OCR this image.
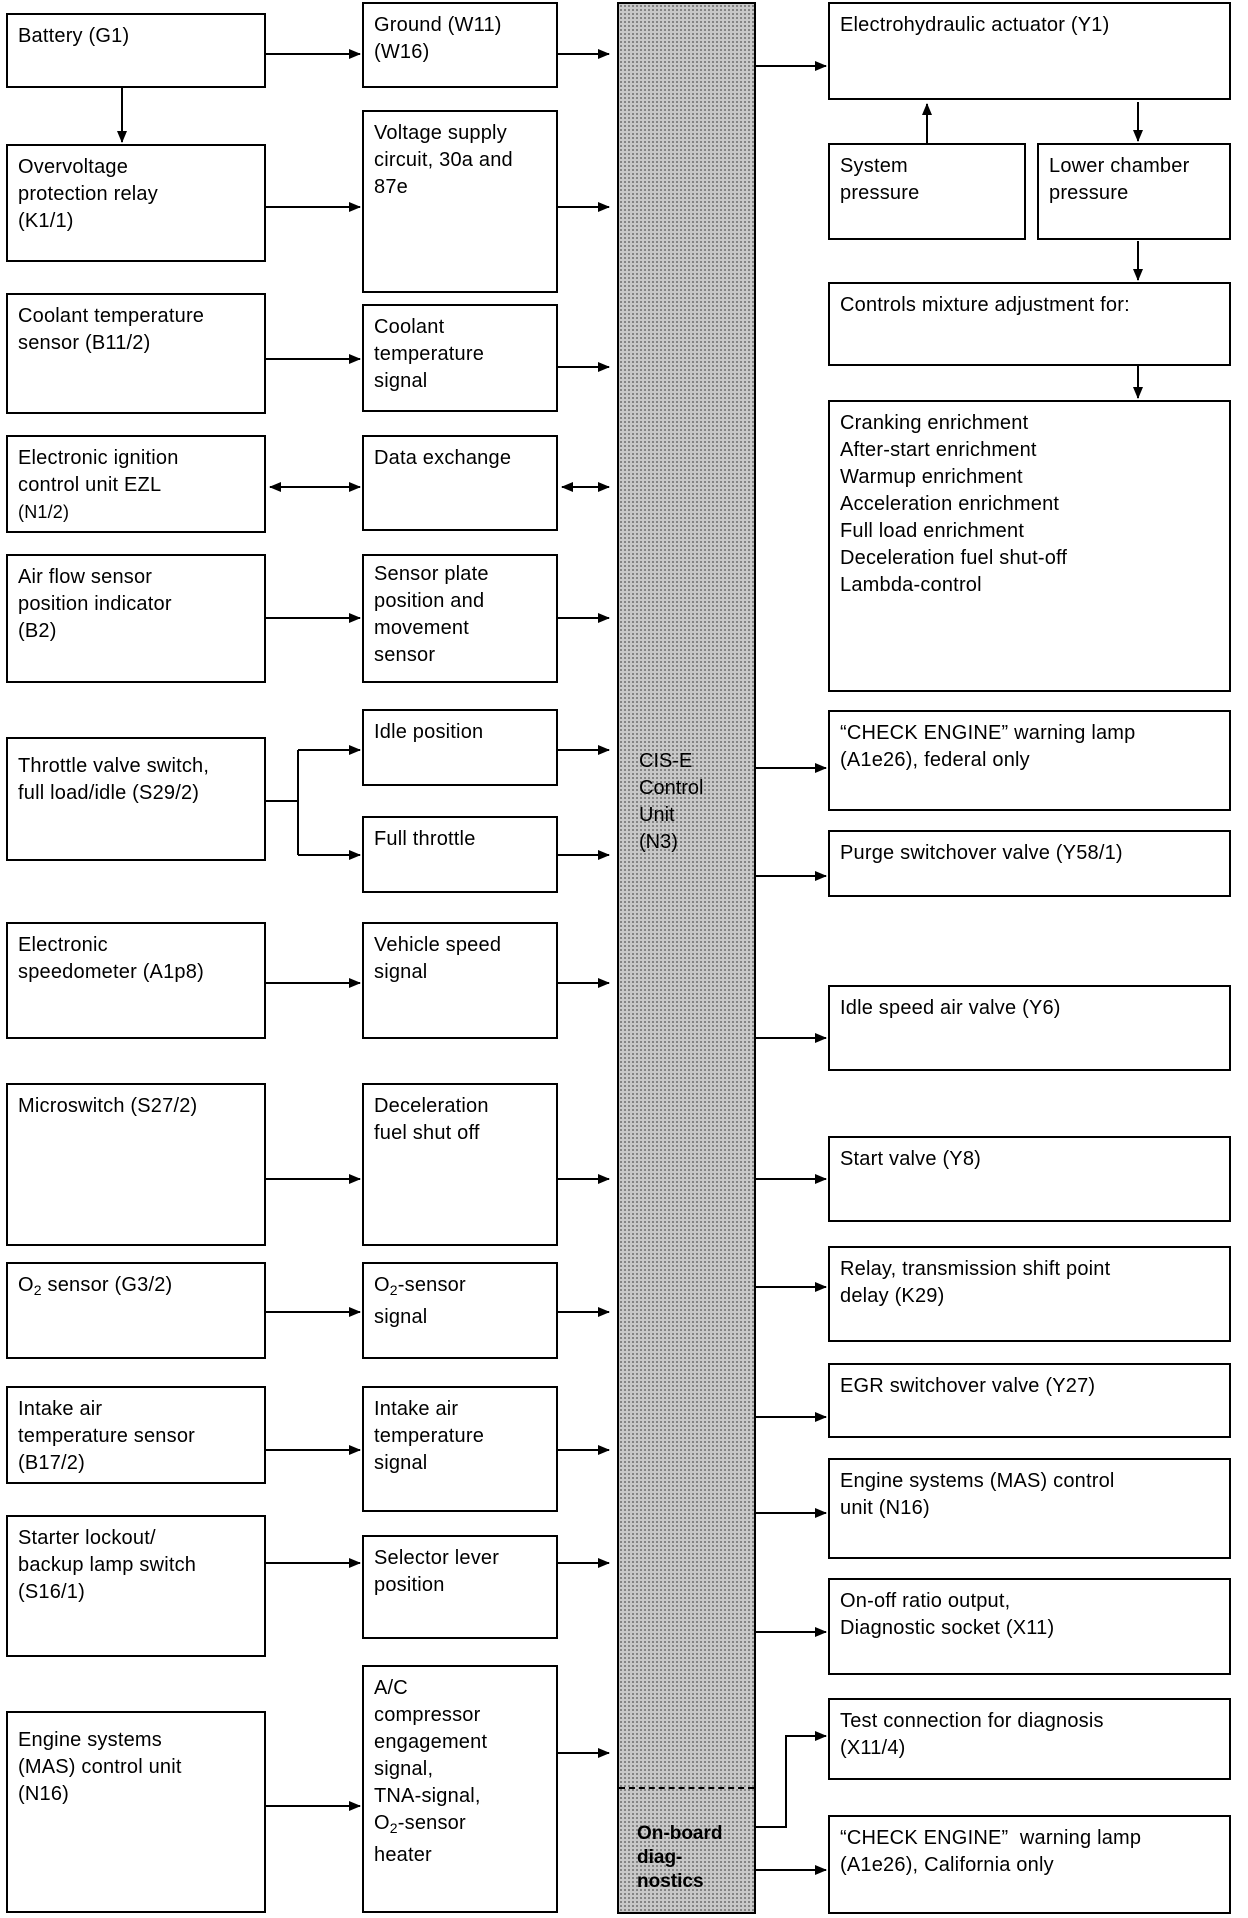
CIS-E
Control
Unit
(N3)
On-board
diag-
nostics
Battery (G1)
Overvoltage
protection relay
(K1/1)
Coolant temperature
sensor (B11/2)
Electronic ignition
control unit EZL
(N1/2)
Air flow sensor
position indicator
(B2)
Throttle valve switch,
full load/idle (S29/2)
Electronic
speedometer (A1p8)
Microswitch (S27/2)
$O_2$ sensor (G3/2)
Intake air
temperature sensor
(B17/2)
Starter lockout/
backup lamp switch
(S16/1)
Engine systems
(MAS) control unit
(N16)
Ground (W11)
(W16)
Voltage supply
circuit, 30a and
87e
Coolant
temperature
signal
Data exchange
Sensor plate
position and
movement
sensor
Idle position
Full throttle
Vehicle speed
signal
Deceleration
fuel shut off
$O_2$-sensor
signal
Intake air
temperature
signal
Selector lever
position
A/C
compressor
engagement
signal,
TNA-signal,
$O_2$-sensor
heater
Electrohydraulic actuator (Y1)
System
pressure
Lower chamber
pressure
Controls mixture adjustment for:
Cranking enrichment
After-start enrichment
Warmup enrichment
Acceleration enrichment
Full load enrichment
Deceleration fuel shut-off
Lambda-control
“CHECK ENGINE” warning lamp
(A1e26), federal only
Purge switchover valve (Y58/1)
Idle speed air valve (Y6)
Start valve (Y8)
Relay, transmission shift point
delay (K29)
EGR switchover valve (Y27)
Engine systems (MAS) control
unit (N16)
On-off ratio output,
Diagnostic socket (X11)
Test connection for diagnosis
(X11/4)
“CHECK ENGINE”  warning lamp
(A1e26), California only
